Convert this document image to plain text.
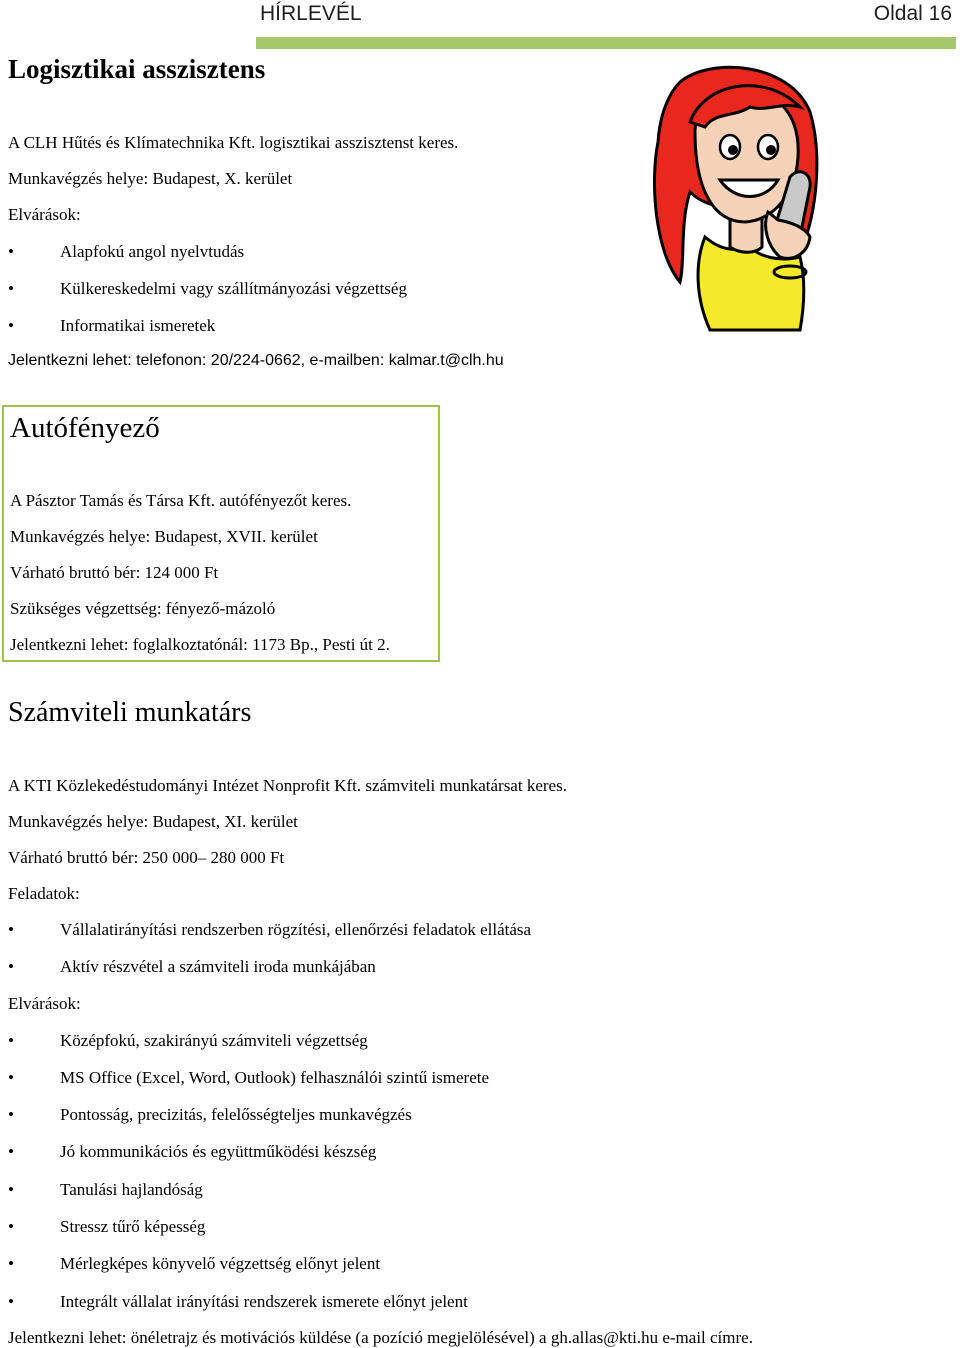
HÍRLEVÉL	Oldal 16
Logisztikai asszisztens
A CLH Hűtés és Klímatechnika Kft. logisztikai asszisztenst keres.
Munkavégzés helye: Budapest, X. kerület
Elvárások:
•	Alapfokú angol nyelvtudás
•	Külkereskedelmi vagy szállítmányozási végzettség
•	Informatikai ismeretek
Jelentkezni lehet: telefonon: 20/224-0662, e-mailben: kalmar.t@clh.hu
Autófényező
A Pásztor Tamás és Társa Kft. autófényezőt keres.
Munkavégzés helye: Budapest, XVII. kerület
Várható bruttó bér: 124 000 Ft
Szükséges végzettség: fényező-mázoló
Jelentkezni lehet: foglalkoztatónál: 1173 Bp., Pesti út 2.
Számviteli munkatárs
A KTI Közlekedéstudományi Intézet Nonprofit Kft. számviteli munkatársat keres.
Munkavégzés helye: Budapest, XI. kerület
Várható bruttó bér: 250 000– 280 000 Ft
Feladatok:
•	Vállalatirányítási rendszerben rögzítési, ellenőrzési feladatok ellátása
•	Aktív részvétel a számviteli iroda munkájában
Elvárások:
•	Középfokú, szakirányú számviteli végzettség
•	MS Office (Excel, Word, Outlook) felhasználói szintű ismerete
•	Pontosság, precizitás, felelősségteljes munkavégzés
•	Jó kommunikációs és együttműködési készség
•	Tanulási hajlandóság
•	Stressz tűrő képesség
•	Mérlegképes könyvelő végzettség előnyt jelent
•	Integrált vállalat irányítási rendszerek ismerete előnyt jelent
Jelentkezni lehet: önéletrajz és motivációs küldése (a pozíció megjelölésével) a gh.allas@kti.hu e-mail címre.
